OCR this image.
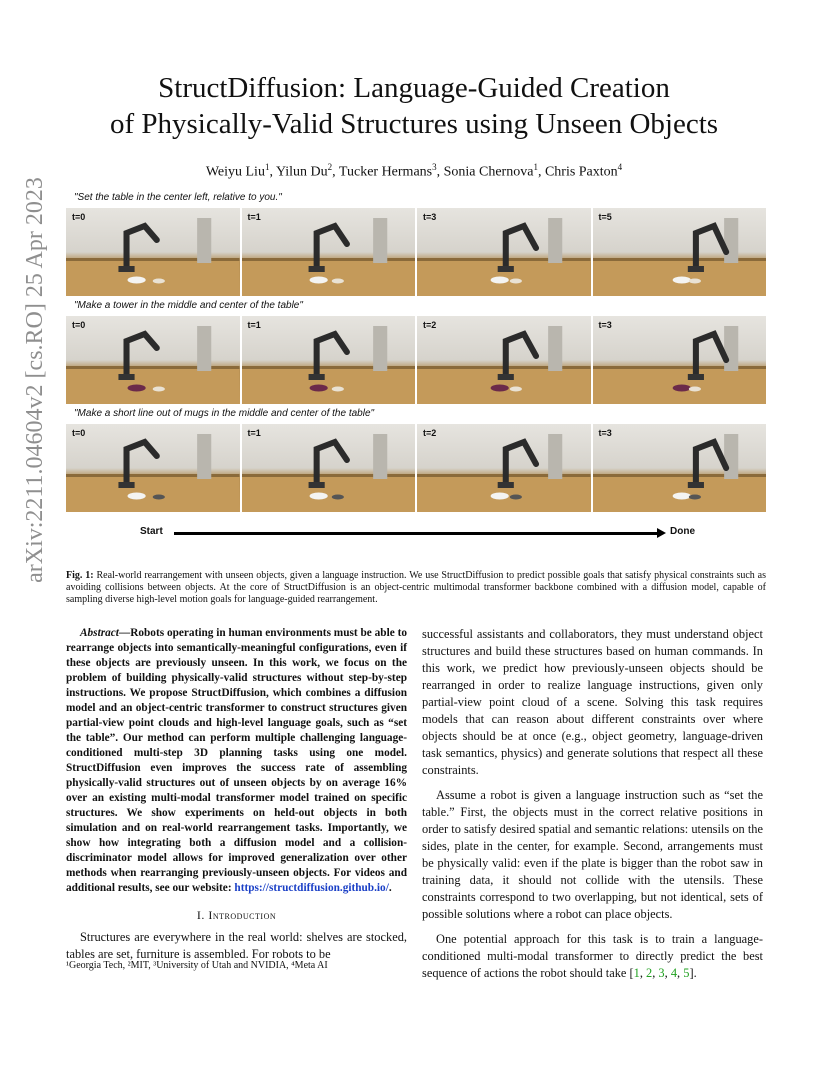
arXiv:2211.04604v2 [cs.RO] 25 Apr 2023
StructDiffusion: Language-Guided Creation
of Physically-Valid Structures using Unseen Objects
Weiyu Liu$^1$, Yilun Du$^2$, Tucker Hermans$^3$, Sonia Chernova$^1$, Chris Paxton$^4$
"Set the table in the center left, relative to you."
t=0	t=1	t=3	t=5
"Make a tower in the middle and center of the table"
t=0	t=1	t=2	t=3
"Make a short line out of mugs in the middle and center of the table"
t=0	t=1	t=2	t=3
Start	Done
Fig. 1: Real-world rearrangement with unseen objects, given a language instruction. We use StructDiffusion to predict possible goals that satisfy physical constraints such as avoiding collisions between objects. At the core of StructDiffusion is an object-centric multimodal transformer backbone combined with a diffusion model, capable of sampling diverse high-level motion goals for language-guided rearrangement.

Abstract—Robots operating in human environments must be able to rearrange objects into semantically-meaningful configurations, even if these objects are previously unseen. In this work, we focus on the problem of building physically-valid structures without step-by-step instructions. We propose StructDiffusion, which combines a diffusion model and an object-centric transformer to construct structures given partial-view point clouds and high-level language goals, such as “set the table”. Our method can perform multiple challenging language-conditioned multi-step 3D planning tasks using one model. StructDiffusion even improves the success rate of assembling physically-valid structures out of unseen objects by on average 16% over an existing multi-modal transformer model trained on specific structures. We show experiments on held-out objects in both simulation and on real-world rearrangement tasks. Importantly, we show how integrating both a diffusion model and a collision-discriminator model allows for improved generalization over other methods when rearranging previously-unseen objects. For videos and additional results, see our website: https://structdiffusion.github.io/.

I. Introduction

Structures are everywhere in the real world: shelves are stocked, tables are set, furniture is assembled. For robots to be

¹Georgia Tech, ²MIT, ³University of Utah and NVIDIA, ⁴Meta AI

successful assistants and collaborators, they must understand object structures and build these structures based on human commands. In this work, we predict how previously-unseen objects should be rearranged in order to realize language instructions, given only partial-view point cloud of a scene. Solving this task requires models that can reason about different constraints over where objects should be at once (e.g., object geometry, language-driven task semantics, physics) and generate solutions that respect all these constraints.

Assume a robot is given a language instruction such as “set the table.” First, the objects must in the correct relative positions in order to satisfy desired spatial and semantic relations: utensils on the sides, plate in the center, for example. Second, arrangements must be physically valid: even if the plate is bigger than the robot saw in training data, it should not collide with the utensils. These constraints correspond to two overlapping, but not identical, sets of possible solutions where a robot can place objects.

One potential approach for this task is to train a language-conditioned multi-modal transformer to directly predict the best sequence of actions the robot should take [1, 2, 3, 4, 5].
